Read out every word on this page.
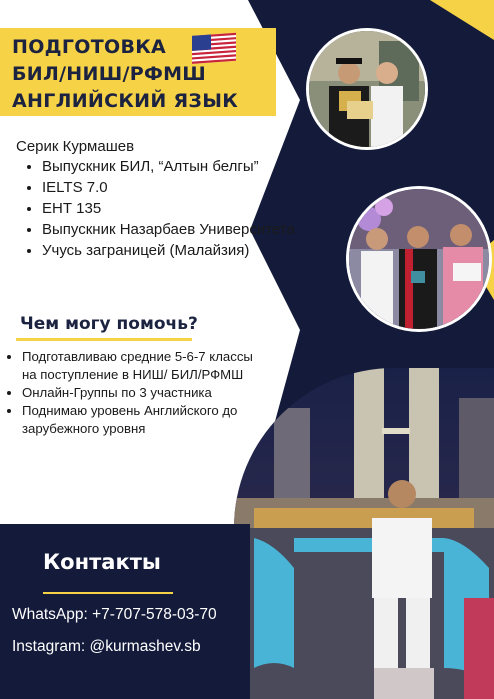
ПОДГОТОВКА
БИЛ/НИШ/РФМШ
АНГЛИЙСКИЙ ЯЗЫК
Серик Курмашев
• Выпускник БИЛ, “Алтын белгы”
• IELTS 7.0
• ЕНТ 135
• Выпускник Назарбаев Университета
• Учусь заграницей (Малайзия)
Чем могу помочь?
• Подготавливаю средние 5-6-7 классы на поступление в НИШ/ БИЛ/РФМШ
• Онлайн-Группы по 3 участника
• Поднимаю уровень Английского до зарубежного уровня
Контакты
WhatsApp: +7-707-578-03-70
Instagram: @kurmashev.sb
